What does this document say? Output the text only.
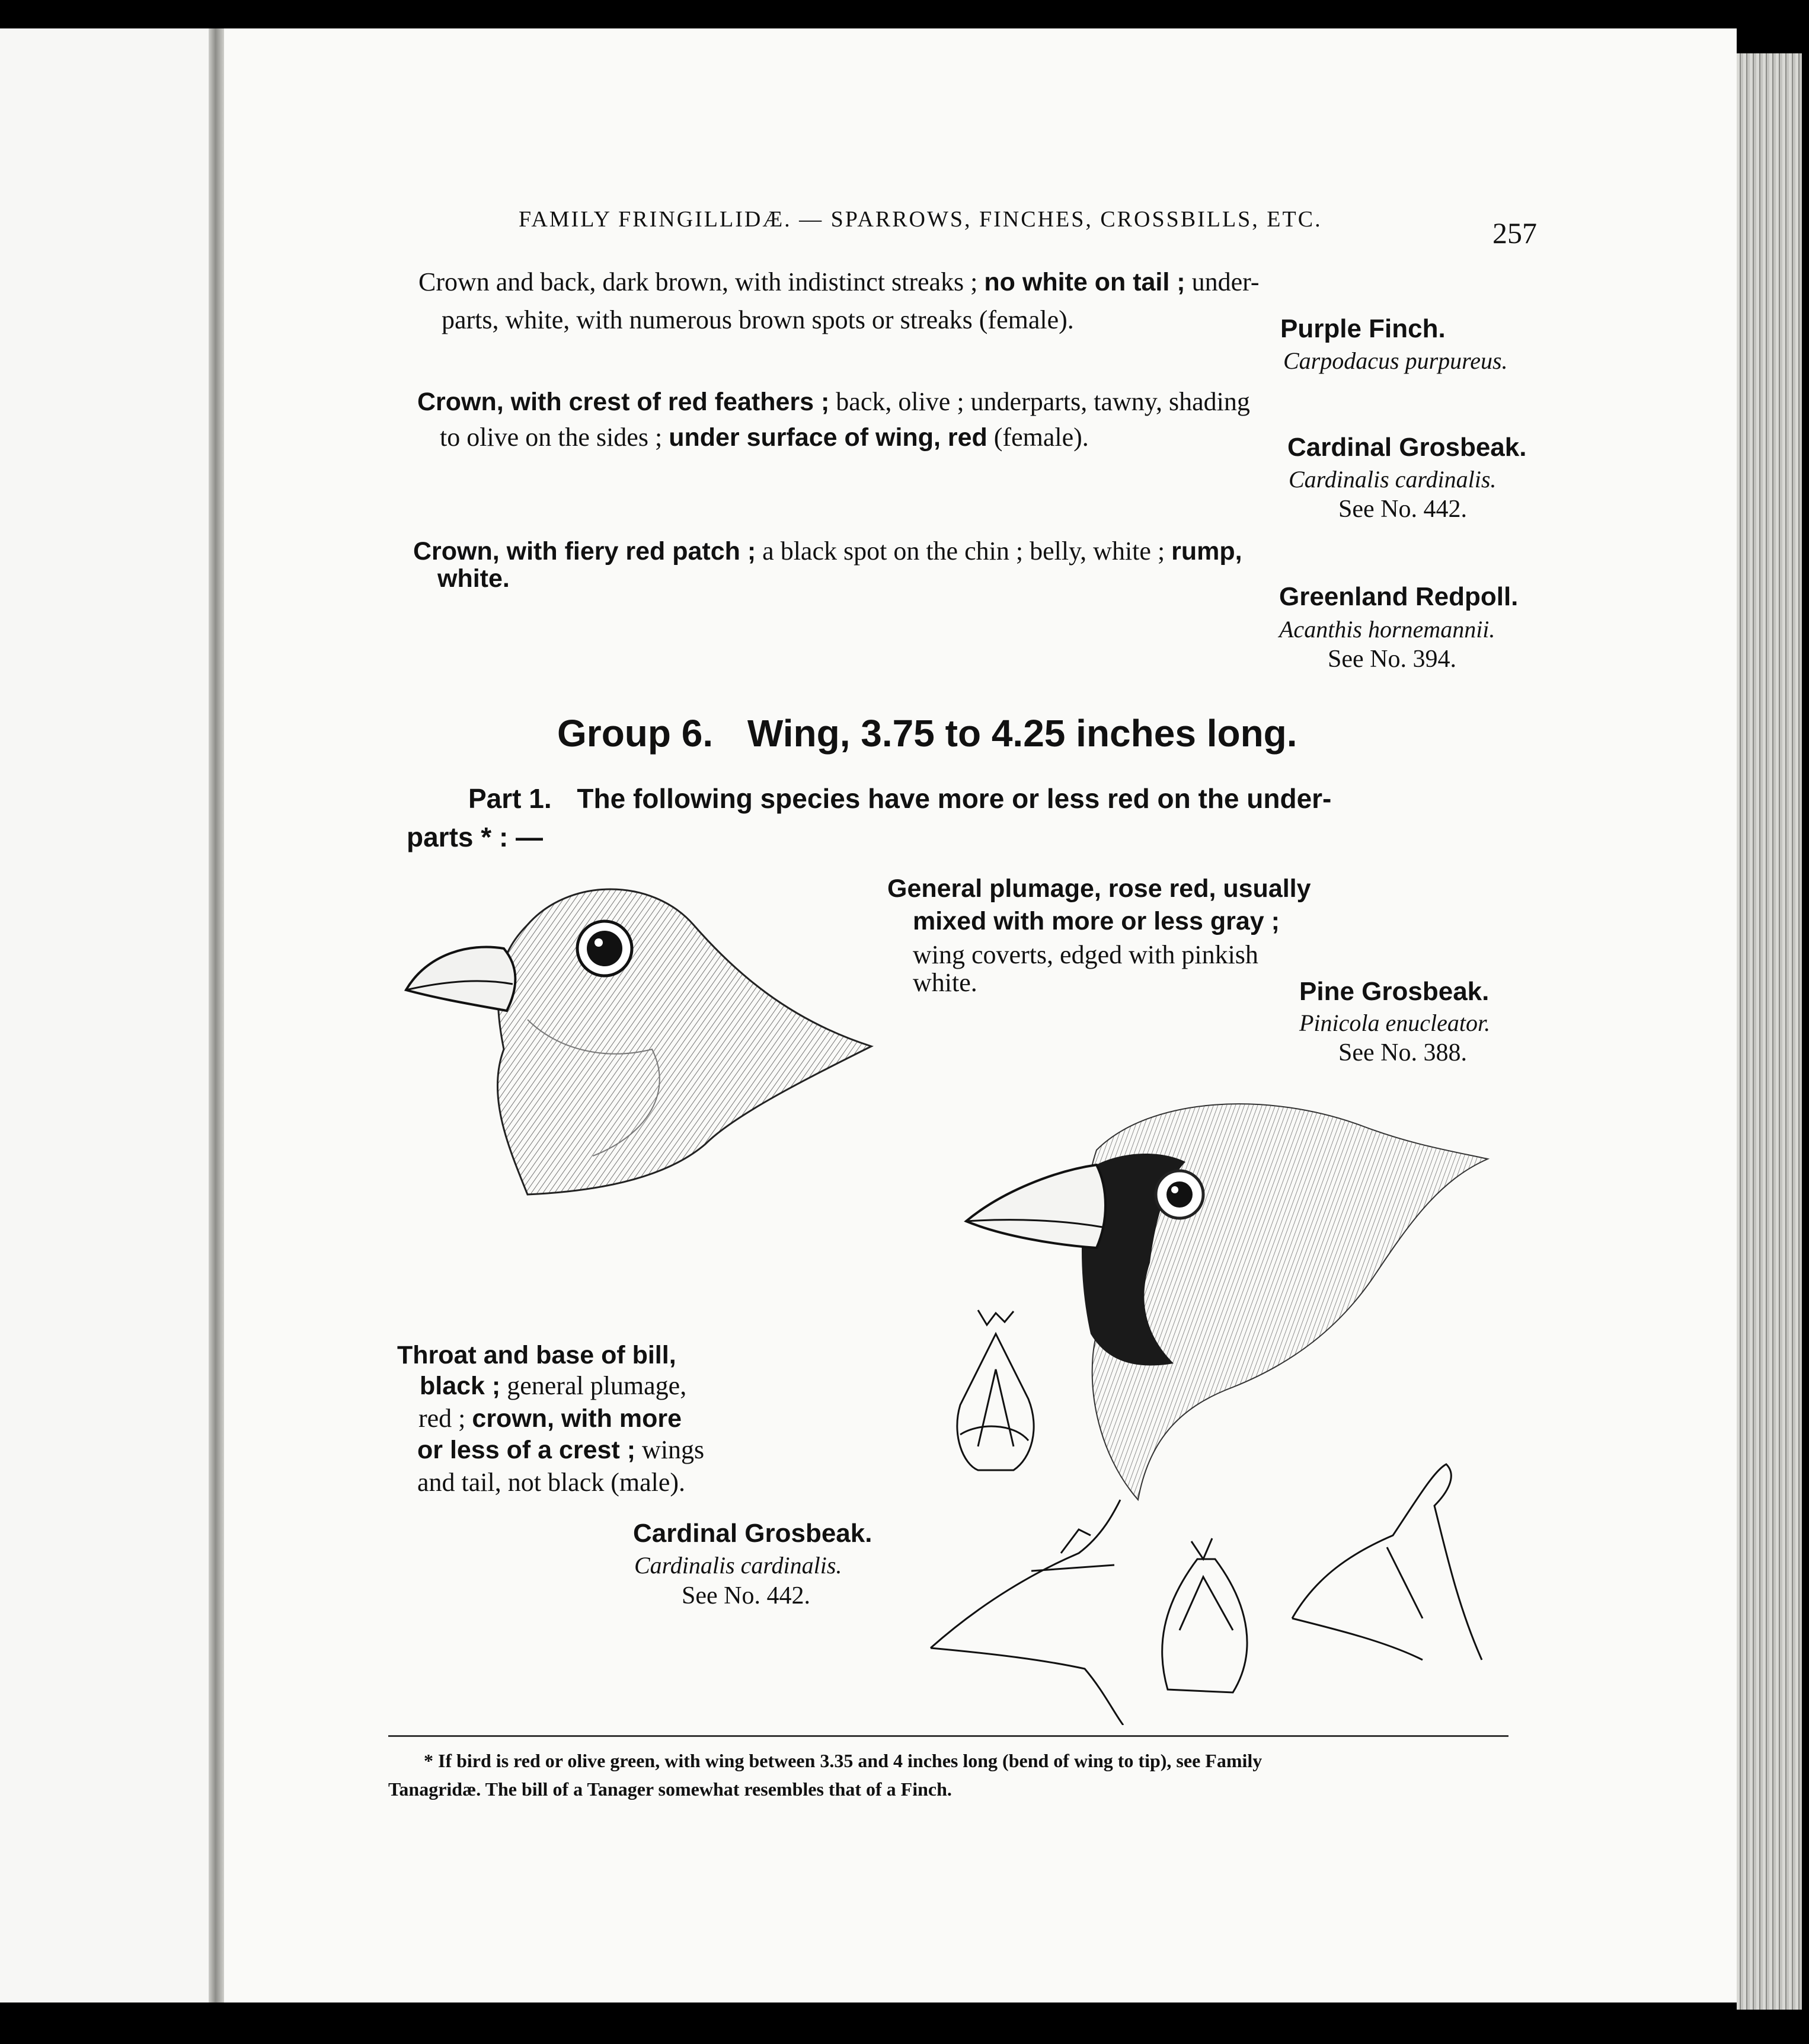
FAMILY FRINGILLIDÆ. — SPARROWS, FINCHES, CROSSBILLS, ETC.	257
Crown and back, dark brown, with indistinct streaks ; no white on tail ; under-
parts, white, with numerous brown spots or streaks (female).	Purple Finch.
Carpodacus purpureus.
Crown, with crest of red feathers ; back, olive ; underparts, tawny, shading
to olive on the sides ; under surface of wing, red (female).	Cardinal Grosbeak.
Cardinalis cardinalis.
See No. 442.
Crown, with fiery red patch ; a black spot on the chin ; belly, white ; rump,
white.
Greenland Redpoll.
Acanthis hornemannii.
See No. 394.
Group 6. Wing, 3.75 to 4.25 inches long.
Part 1. The following species have more or less red on the under-
parts * : —
General plumage, rose red, usually
mixed with more or less gray ;
wing coverts, edged with pinkish
white.	Pine Grosbeak.
Pinicola enucleator.
See No. 388.
Throat and base of bill,
black ; general plumage,
red ; crown, with more
or less of a crest ; wings
and tail, not black (male).
Cardinal Grosbeak.
Cardinalis cardinalis.
See No. 442.
* If bird is red or olive green, with wing between 3.35 and 4 inches long (bend of wing to tip), see Family
Tanagridæ. The bill of a Tanager somewhat resembles that of a Finch.
